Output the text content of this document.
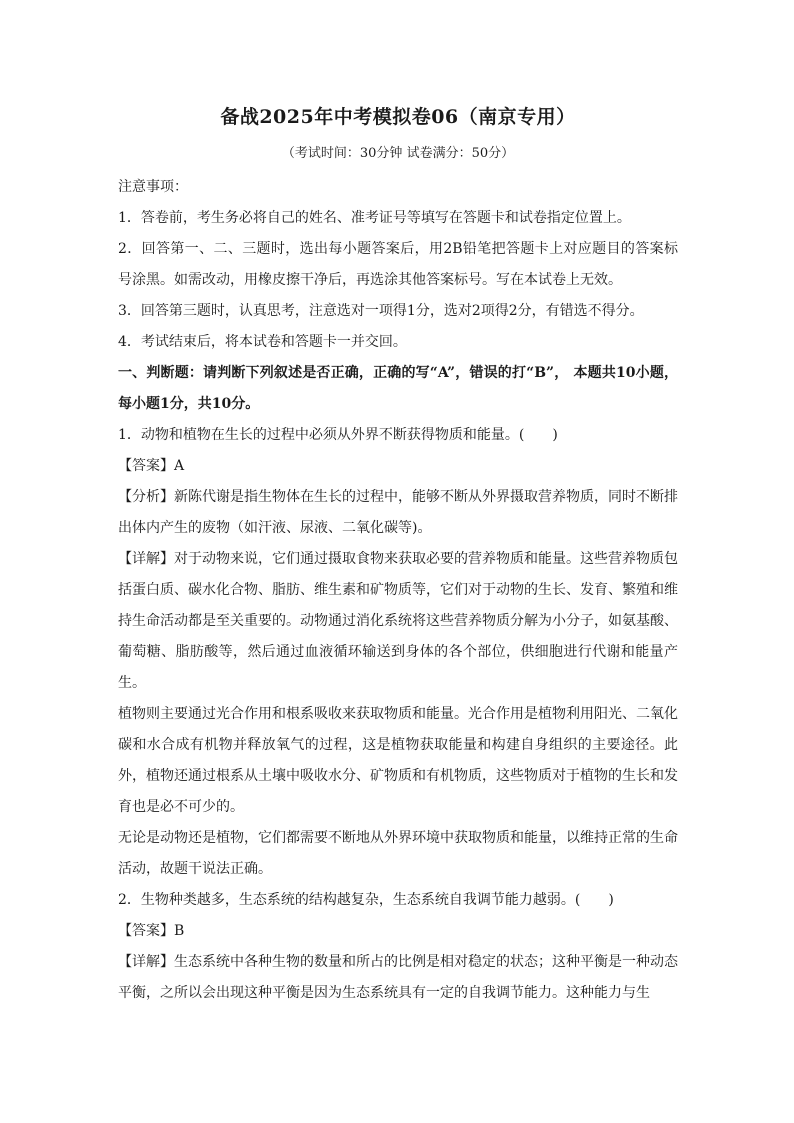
备战2025年中考模拟卷06（南京专用）
（考试时间：30分钟 试卷满分：50分）

注意事项：

1．答卷前，考生务必将自己的姓名、准考证号等填写在答题卡和试卷指定位置上。

2．回答第一、二、三题时，选出每小题答案后，用2B铅笔把答题卡上对应题目的答案标号涂黑。如需改动，用橡皮擦干净后，再选涂其他答案标号。写在本试卷上无效。

3．回答第三题时，认真思考，注意选对一项得1分，选对2项得2分，有错选不得分。

4．考试结束后，将本试卷和答题卡一并交回。

一、判断题：请判断下列叙述是否正确，正确的写“A”，错误的打“B”， 本题共10小题，每小题1分，共10分。

1．动物和植物在生长的过程中必须从外界不断获得物质和能量。(　　)

【答案】A

【分析】新陈代谢是指生物体在生长的过程中，能够不断从外界摄取营养物质，同时不断排出体内产生的废物（如汗液、尿液、二氧化碳等)。

【详解】对于动物来说，它们通过摄取食物来获取必要的营养物质和能量。这些营养物质包括蛋白质、碳水化合物、脂肪、维生素和矿物质等，它们对于动物的生长、发育、繁殖和维持生命活动都是至关重要的。动物通过消化系统将这些营养物质分解为小分子，如氨基酸、葡萄糖、脂肪酸等，然后通过血液循环输送到身体的各个部位，供细胞进行代谢和能量产生。

植物则主要通过光合作用和根系吸收来获取物质和能量。光合作用是植物利用阳光、二氧化碳和水合成有机物并释放氧气的过程，这是植物获取能量和构建自身组织的主要途径。此外，植物还通过根系从土壤中吸收水分、矿物质和有机物质，这些物质对于植物的生长和发育也是必不可少的。

无论是动物还是植物，它们都需要不断地从外界环境中获取物质和能量，以维持正常的生命活动，故题干说法正确。

2．生物种类越多，生态系统的结构越复杂，生态系统自我调节能力越弱。(　　)

【答案】B

【详解】生态系统中各种生物的数量和所占的比例是相对稳定的状态；这种平衡是一种动态平衡，之所以会出现这种平衡是因为生态系统具有一定的自我调节能力。这种能力与生
